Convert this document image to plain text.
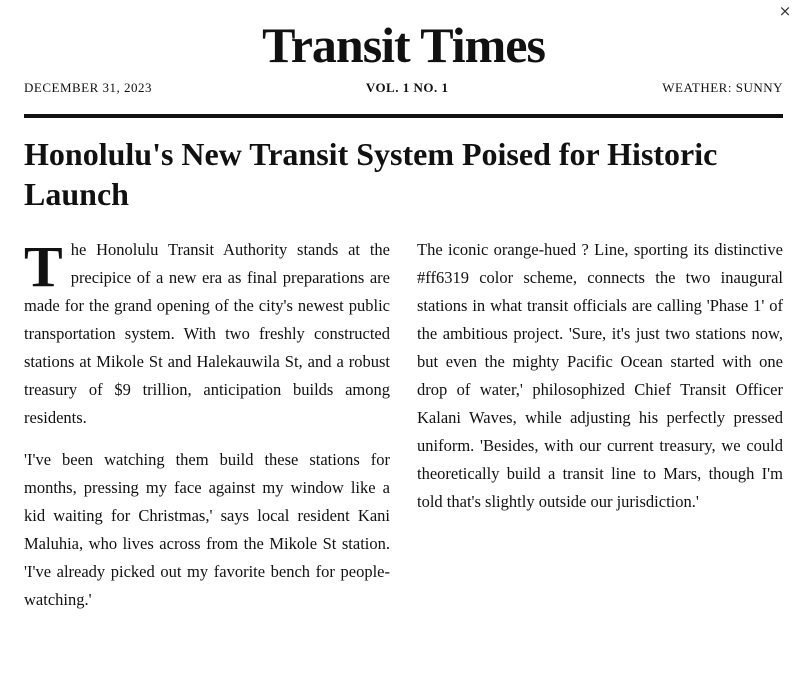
×
Transit Times
DECEMBER 31, 2023	VOL. 1 NO. 1	WEATHER: SUNNY
Honolulu's New Transit System Poised for Historic Launch

The Honolulu Transit Authority stands at the precipice of a new era as final preparations are made for the grand opening of the city's newest public transportation system. With two freshly constructed stations at Mikole St and Halekauwila St, and a robust treasury of $9 trillion, anticipation builds among residents.

'I've been watching them build these stations for months, pressing my face against my window like a kid waiting for Christmas,' says local resident Kani Maluhia, who lives across from the Mikole St station. 'I've already picked out my favorite bench for people-watching.'

The iconic orange-hued ? Line, sporting its distinctive #ff6319 color scheme, connects the two inaugural stations in what transit officials are calling 'Phase 1' of the ambitious project. 'Sure, it's just two stations now, but even the mighty Pacific Ocean started with one drop of water,' philosophized Chief Transit Officer Kalani Waves, while adjusting his perfectly pressed uniform. 'Besides, with our current treasury, we could theoretically build a transit line to Mars, though I'm told that's slightly outside our jurisdiction.'
